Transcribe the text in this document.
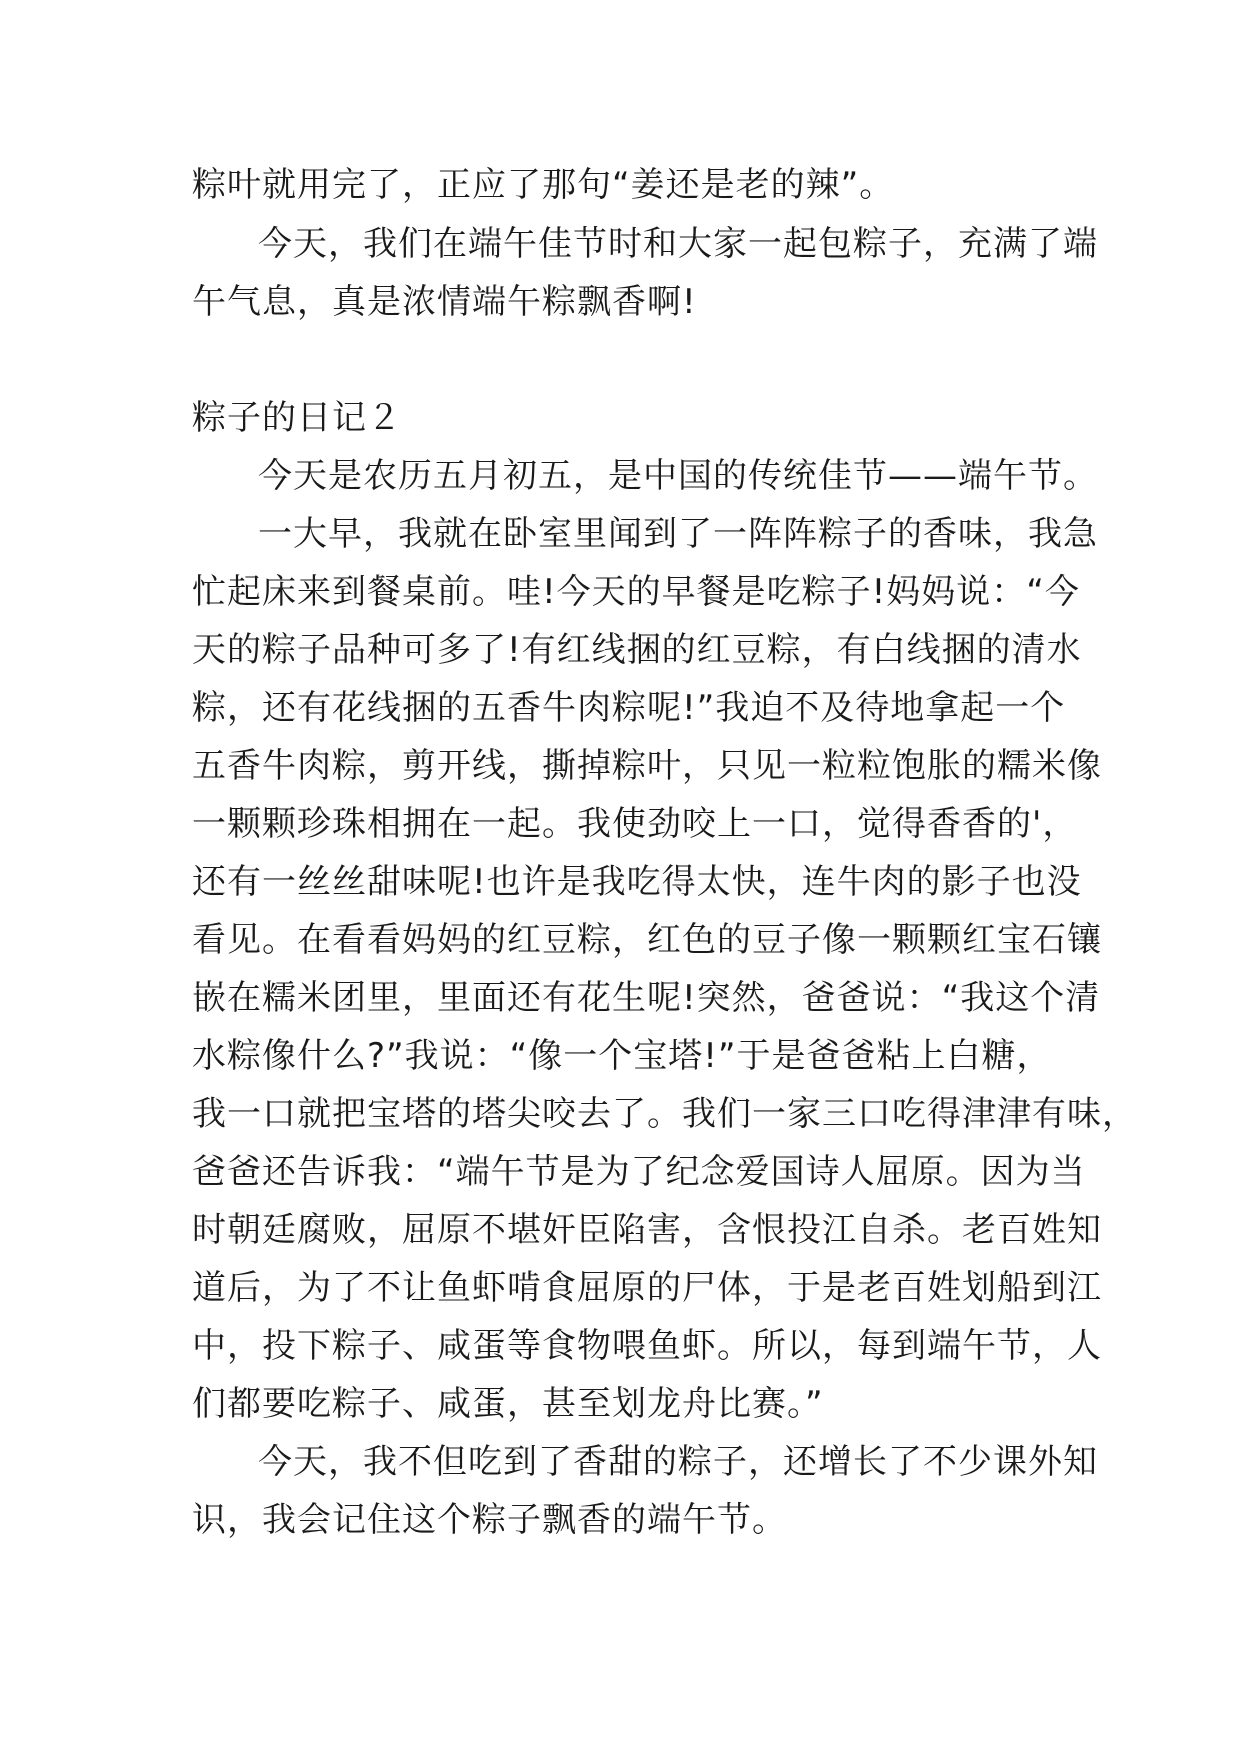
粽叶就用完了，正应了那句“姜还是老的辣”。
今天，我们在端午佳节时和大家一起包粽子，充满了端
午气息，真是浓情端午粽飘香啊!
粽子的日记２
今天是农历五月初五，是中国的传统佳节——端午节。
一大早，我就在卧室里闻到了一阵阵粽子的香味，我急
忙起床来到餐桌前。哇!今天的早餐是吃粽子!妈妈说：“今
天的粽子品种可多了!有红线捆的红豆粽，有白线捆的清水
粽，还有花线捆的五香牛肉粽呢!”我迫不及待地拿起一个
五香牛肉粽，剪开线，撕掉粽叶，只见一粒粒饱胀的糯米像
一颗颗珍珠相拥在一起。我使劲咬上一口，觉得香香的'，
还有一丝丝甜味呢!也许是我吃得太快，连牛肉的影子也没
看见。在看看妈妈的红豆粽，红色的豆子像一颗颗红宝石镶
嵌在糯米团里，里面还有花生呢!突然，爸爸说：“我这个清
水粽像什么?”我说：“像一个宝塔!”于是爸爸粘上白糖，
我一口就把宝塔的塔尖咬去了。我们一家三口吃得津津有味，
爸爸还告诉我：“端午节是为了纪念爱国诗人屈原。因为当
时朝廷腐败，屈原不堪奸臣陷害，含恨投江自杀。老百姓知
道后，为了不让鱼虾啃食屈原的尸体，于是老百姓划船到江
中，投下粽子、咸蛋等食物喂鱼虾。所以，每到端午节，人
们都要吃粽子、咸蛋，甚至划龙舟比赛。”
今天，我不但吃到了香甜的粽子，还增长了不少课外知
识，我会记住这个粽子飘香的端午节。
